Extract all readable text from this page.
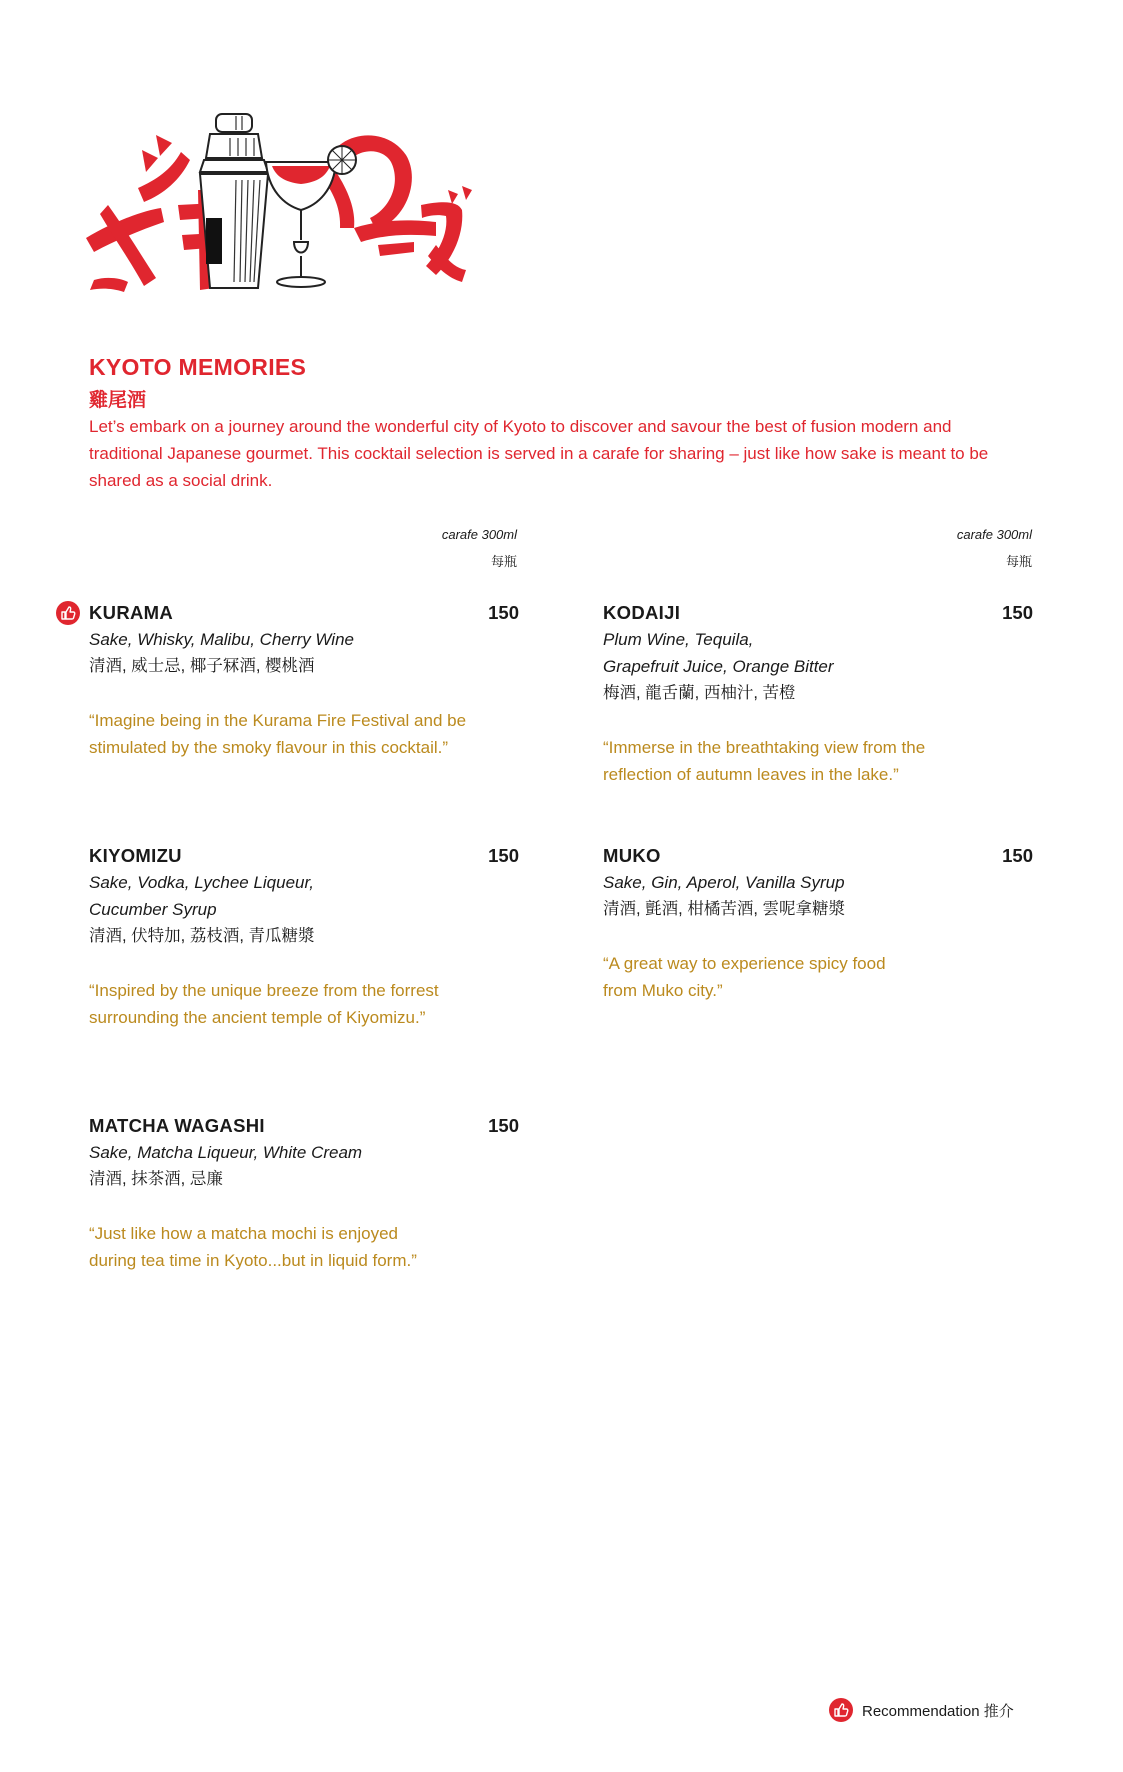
KYOTO MEMORIES
雞尾酒
Let’s embark on a journey around the wonderful city of Kyoto to discover and savour the best of fusion modern and traditional Japanese gourmet. This cocktail selection is served in a carafe for sharing – just like how sake is meant to be shared as a social drink.
carafe 300ml
每瓶
carafe 300ml
每瓶
KURAMA	150
Sake, Whisky, Malibu, Cherry Wine
清酒, 威士忌, 椰子冧酒, 樱桃酒
“Imagine being in the Kurama Fire Festival and be
stimulated by the smoky flavour in this cocktail.”
KODAIJI	150
Plum Wine, Tequila,
Grapefruit Juice, Orange Bitter
梅酒, 龍舌蘭, 西柚汁, 苦橙
“Immerse in the breathtaking view from the
reflection of autumn leaves in the lake.”
KIYOMIZU	150
Sake, Vodka, Lychee Liqueur,
Cucumber Syrup
清酒, 伏特加, 荔枝酒, 青瓜糖漿
“Inspired by the unique breeze from the forrest
surrounding the ancient temple of Kiyomizu.”
MUKO	150
Sake, Gin, Aperol, Vanilla Syrup
清酒, 氈酒, 柑橘苦酒, 雲呢拿糖漿
“A great way to experience spicy food
from Muko city.”
MATCHA WAGASHI	150
Sake, Matcha Liqueur, White Cream
清酒, 抹茶酒, 忌廉
“Just like how a matcha mochi is enjoyed
during tea time in Kyoto...but in liquid form.”
Recommendation 推介
